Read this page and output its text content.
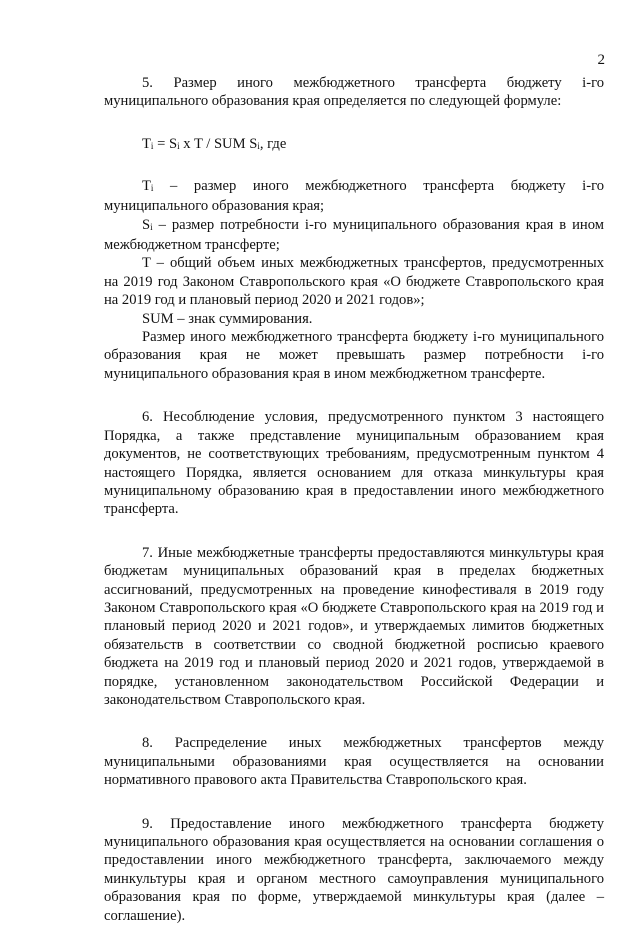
2

5. Размер иного межбюджетного трансферта бюджету i-го муниципального образования края определяется по следующей формуле:

$T_i = S_i$ x T / SUM $S_i$, где

$T_i$ – размер иного межбюджетного трансферта бюджету i-го муниципального образования края;

$S_i$ – размер потребности i-го муниципального образования края в ином межбюджетном трансферте;

T – общий объем иных межбюджетных трансфертов, предусмотренных на 2019 год Законом Ставропольского края «О бюджете Ставропольского края на 2019 год и плановый период 2020 и 2021 годов»;

SUM – знак суммирования.

Размер иного межбюджетного трансферта бюджету i-го муниципального образования края не может превышать размер потребности i-го муниципального образования края в ином межбюджетном трансферте.

6. Несоблюдение условия, предусмотренного пунктом 3 настоящего Порядка, а также представление муниципальным образованием края документов, не соответствующих требованиям, предусмотренным пунктом 4 настоящего Порядка, является основанием для отказа минкультуры края муниципальному образованию края в предоставлении иного межбюджетного трансферта.

7. Иные межбюджетные трансферты предоставляются минкультуры края бюджетам муниципальных образований края в пределах бюджетных ассигнований, предусмотренных на проведение кинофестиваля в 2019 году Законом Ставропольского края «О бюджете Ставропольского края на 2019 год и плановый период 2020 и 2021 годов», и утверждаемых лимитов бюджетных обязательств в соответствии со сводной бюджетной росписью краевого бюджета на 2019 год и плановый период 2020 и 2021 годов, утверждаемой в порядке, установленном законодательством Российской Федерации и законодательством Ставропольского края.

8. Распределение иных межбюджетных трансфертов между муниципальными образованиями края осуществляется на основании нормативного правового акта Правительства Ставропольского края.

9. Предоставление иного межбюджетного трансферта бюджету муниципального образования края осуществляется на основании соглашения о предоставлении иного межбюджетного трансферта, заключаемого между минкультуры края и органом местного самоуправления муниципального образования края по форме, утверждаемой минкультуры края (далее – соглашение).
